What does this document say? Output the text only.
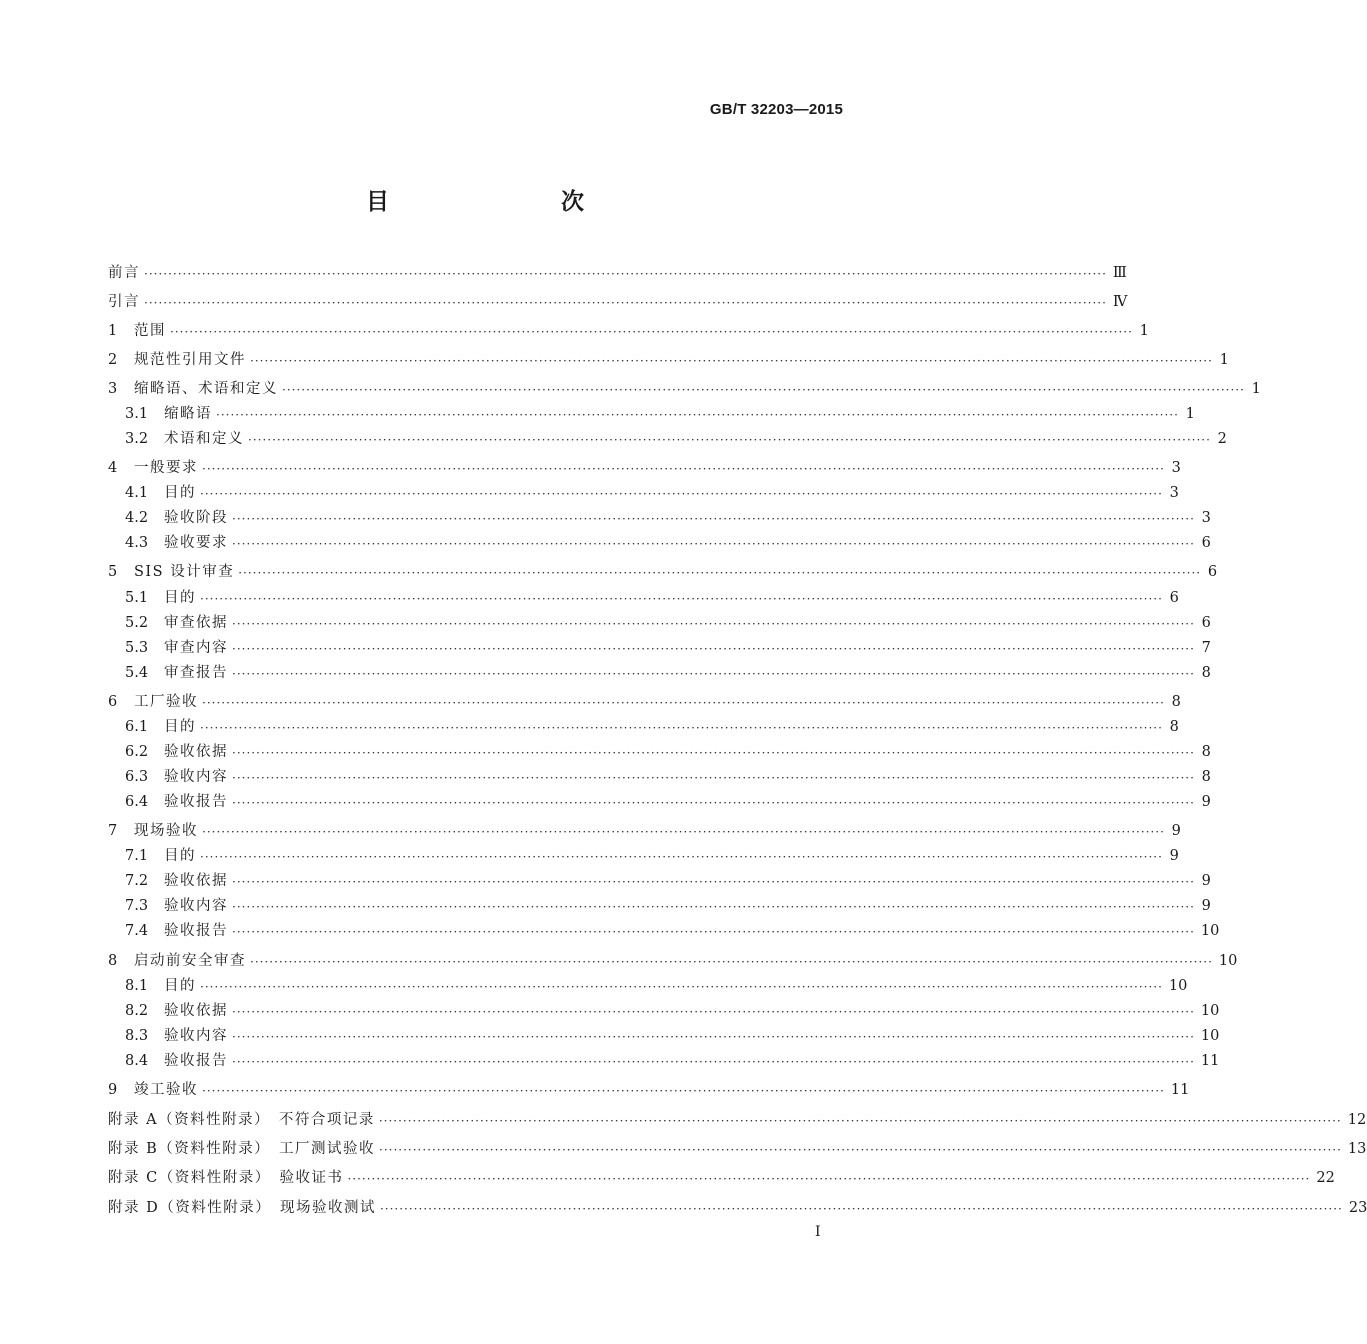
GB/T 32203—2015
目　　次
前言 ········································································································································································································ Ⅲ
引言 ········································································································································································································ Ⅳ
1	范围 ········································································································································································································ 1
2	规范性引用文件 ········································································································································································································ 1
3	缩略语、术语和定义 ········································································································································································································ 1
3.1	缩略语 ········································································································································································································ 1
3.2	术语和定义 ········································································································································································································ 2
4	一般要求 ········································································································································································································ 3
4.1	目的 ········································································································································································································ 3
4.2	验收阶段 ········································································································································································································ 3
4.3	验收要求 ········································································································································································································ 6
5	SIS 设计审查 ········································································································································································································ 6
5.1	目的 ········································································································································································································ 6
5.2	审查依据 ········································································································································································································ 6
5.3	审查内容 ········································································································································································································ 7
5.4	审查报告 ········································································································································································································ 8
6	工厂验收 ········································································································································································································ 8
6.1	目的 ········································································································································································································ 8
6.2	验收依据 ········································································································································································································ 8
6.3	验收内容 ········································································································································································································ 8
6.4	验收报告 ········································································································································································································ 9
7	现场验收 ········································································································································································································ 9
7.1	目的 ········································································································································································································ 9
7.2	验收依据 ········································································································································································································ 9
7.3	验收内容 ········································································································································································································ 9
7.4	验收报告 ········································································································································································································ 10
8	启动前安全审查 ········································································································································································································ 10
8.1	目的 ········································································································································································································ 10
8.2	验收依据 ········································································································································································································ 10
8.3	验收内容 ········································································································································································································ 10
8.4	验收报告 ········································································································································································································ 11
9	竣工验收 ········································································································································································································ 11
附录 A（资料性附录）　不符合项记录 ········································································································································································································ 12
附录 B（资料性附录）　工厂测试验收 ········································································································································································································ 13
附录 C（资料性附录）　验收证书 ········································································································································································································ 22
附录 D（资料性附录）　现场验收测试 ········································································································································································································ 23
I
